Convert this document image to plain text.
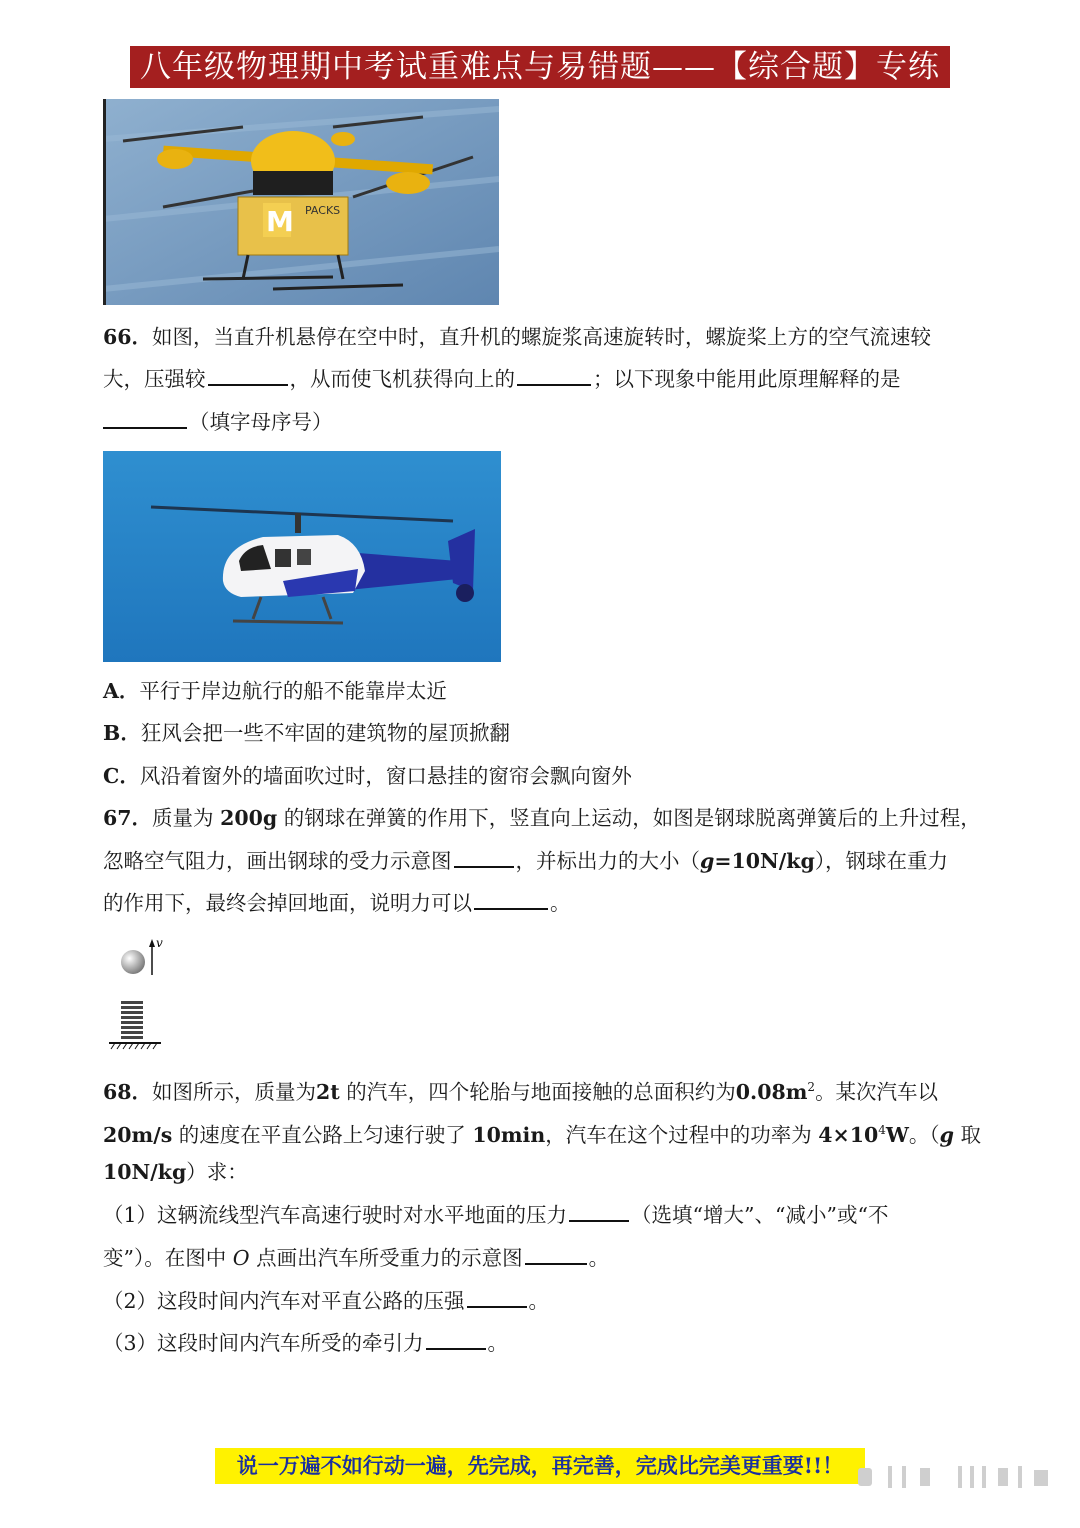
八年级物理期中考试重难点与易错题——【综合题】专练
M PACKS
66．如图，当直升机悬停在空中时，直升机的螺旋浆高速旋转时，螺旋桨上方的空气流速较
大，压强较	，从而使飞机获得向上的	；以下现象中能用此原理解释的是
（填字母序号）
A．平行于岸边航行的船不能靠岸太近
B．狂风会把一些不牢固的建筑物的屋顶掀翻
C．风沿着窗外的墙面吹过时，窗口悬挂的窗帘会飘向窗外
67．质量为 200g 的钢球在弹簧的作用下，竖直向上运动，如图是钢球脱离弹簧后的上升过程，
忽略空气阻力，画出钢球的受力示意图	，并标出力的大小（g=10N/kg），钢球在重力
的作用下，最终会掉回地面，说明力可以	。
v
68．如图所示，质量为2t 的汽车，四个轮胎与地面接触的总面积约为$0.08m^2$。某次汽车以
20m/s 的速度在平直公路上匀速行驶了 10min，汽车在这个过程中的功率为 $4\times 10^4W$。（g 取
10N/kg）求：
（1）这辆流线型汽车高速行驶时对水平地面的压力	（选填“增大”、“减小”或“不
变”）。在图中 O 点画出汽车所受重力的示意图	。
（2）这段时间内汽车对平直公路的压强	。
（3）这段时间内汽车所受的牵引力	。
说一万遍不如行动一遍，先完成，再完善，完成比完美更重要!!！
